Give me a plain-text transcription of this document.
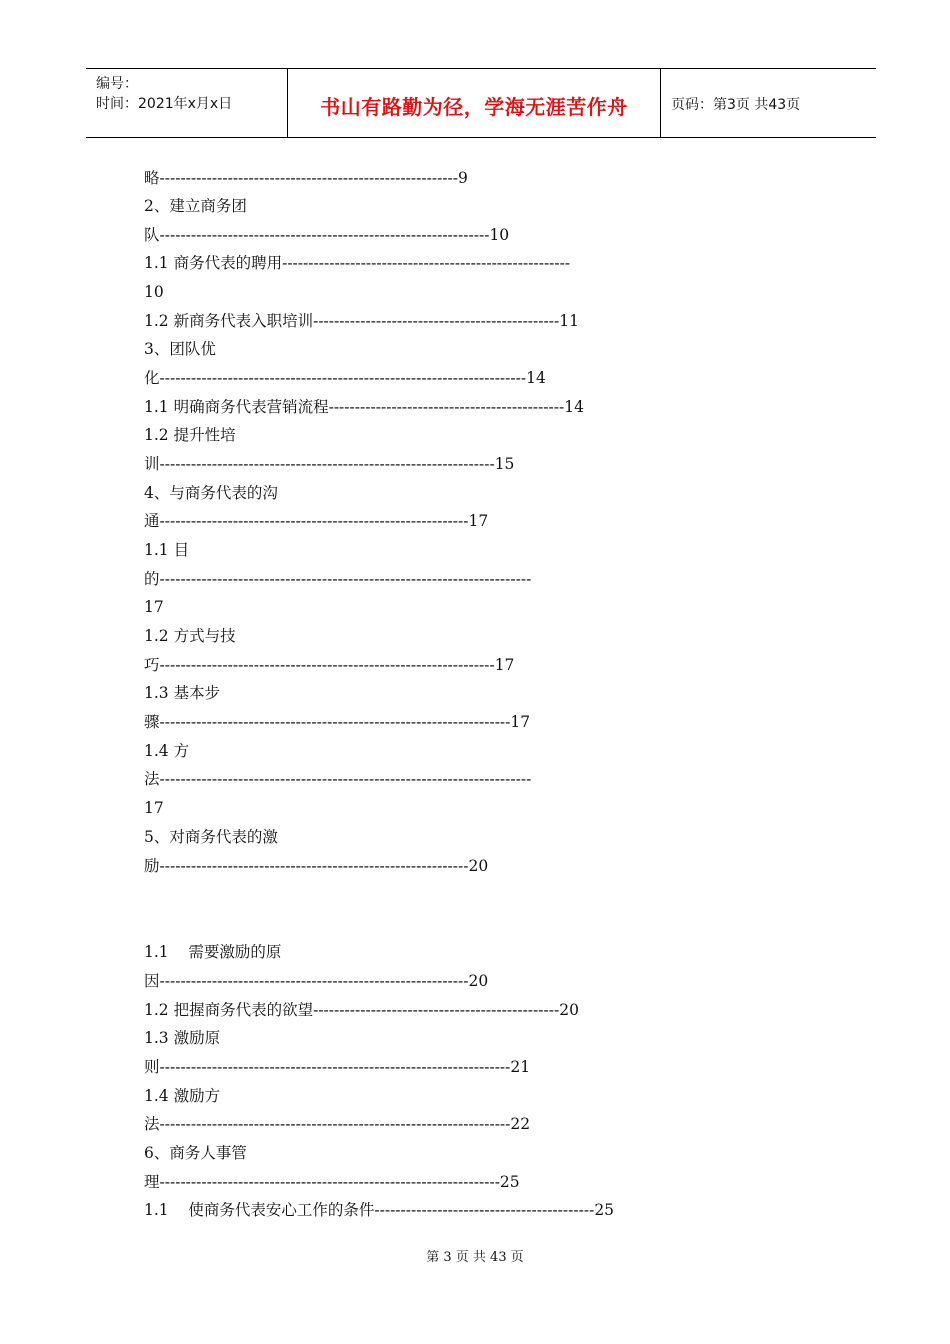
编号：
时间：2021年x月x日	书山有路勤为径，学海无涯苦作舟	页码：第3页 共43页
略---------------------------------------------------------9
2、建立商务团
队---------------------------------------------------------------10
1.1 商务代表的聘用-------------------------------------------------------
10
1.2 新商务代表入职培训-----------------------------------------------11
3、团队优
化----------------------------------------------------------------------14
1.1 明确商务代表营销流程---------------------------------------------14
1.2 提升性培
训----------------------------------------------------------------15
4、与商务代表的沟
通-----------------------------------------------------------17
1.1 目
的-----------------------------------------------------------------------
17
1.2 方式与技
巧----------------------------------------------------------------17
1.3 基本步
骤-------------------------------------------------------------------17
1.4 方
法-----------------------------------------------------------------------
17
5、对商务代表的激
励-----------------------------------------------------------20
1.1    需要激励的原
因-----------------------------------------------------------20
1.2 把握商务代表的欲望-----------------------------------------------20
1.3 激励原
则-------------------------------------------------------------------21
1.4 激励方
法-------------------------------------------------------------------22
6、商务人事管
理-----------------------------------------------------------------25
1.1    使商务代表安心工作的条件------------------------------------------25
第 3 页 共 43 页
